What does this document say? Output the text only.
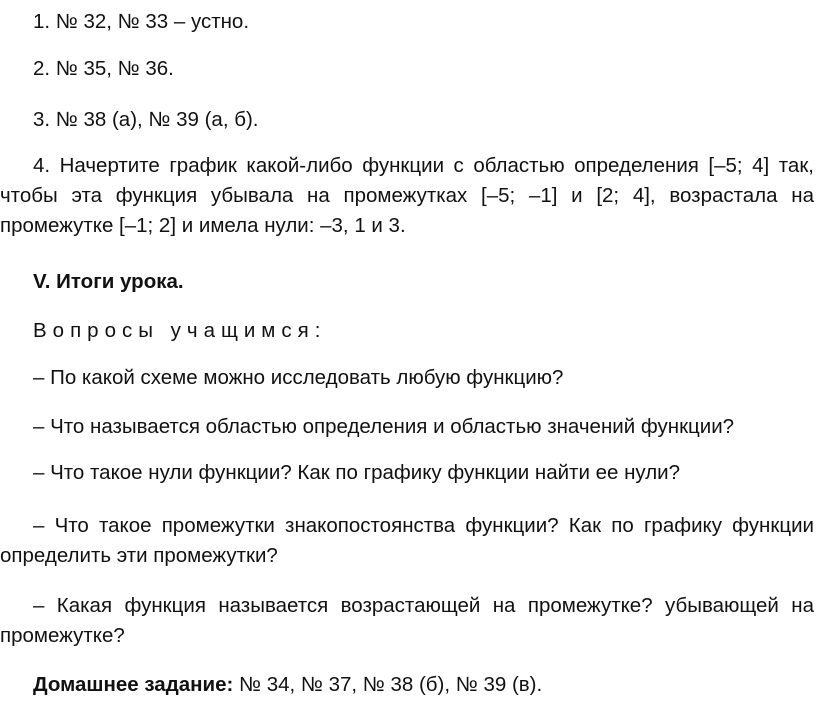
1. № 32, № 33 – устно.
2. № 35, № 36.
3. № 38 (а), № 39 (а, б).
4. Начертите график какой-либо функции с областью определения [–5; 4] так, чтобы эта функция убывала на промежутках [–5; –1] и [2; 4], возрастала на промежутке [–1; 2] и имела нули: –3, 1 и 3.
V. Итоги урока.
Вопросы учащимся:
– По какой схеме можно исследовать любую функцию?
– Что называется областью определения и областью значений функции?
– Что такое нули функции? Как по графику функции найти ее нули?
– Что такое промежутки знакопостоянства функции? Как по графику функции определить эти промежутки?
– Какая функция называется возрастающей на промежутке? убывающей на промежутке?
Домашнее задание: № 34, № 37, № 38 (б), № 39 (в).
